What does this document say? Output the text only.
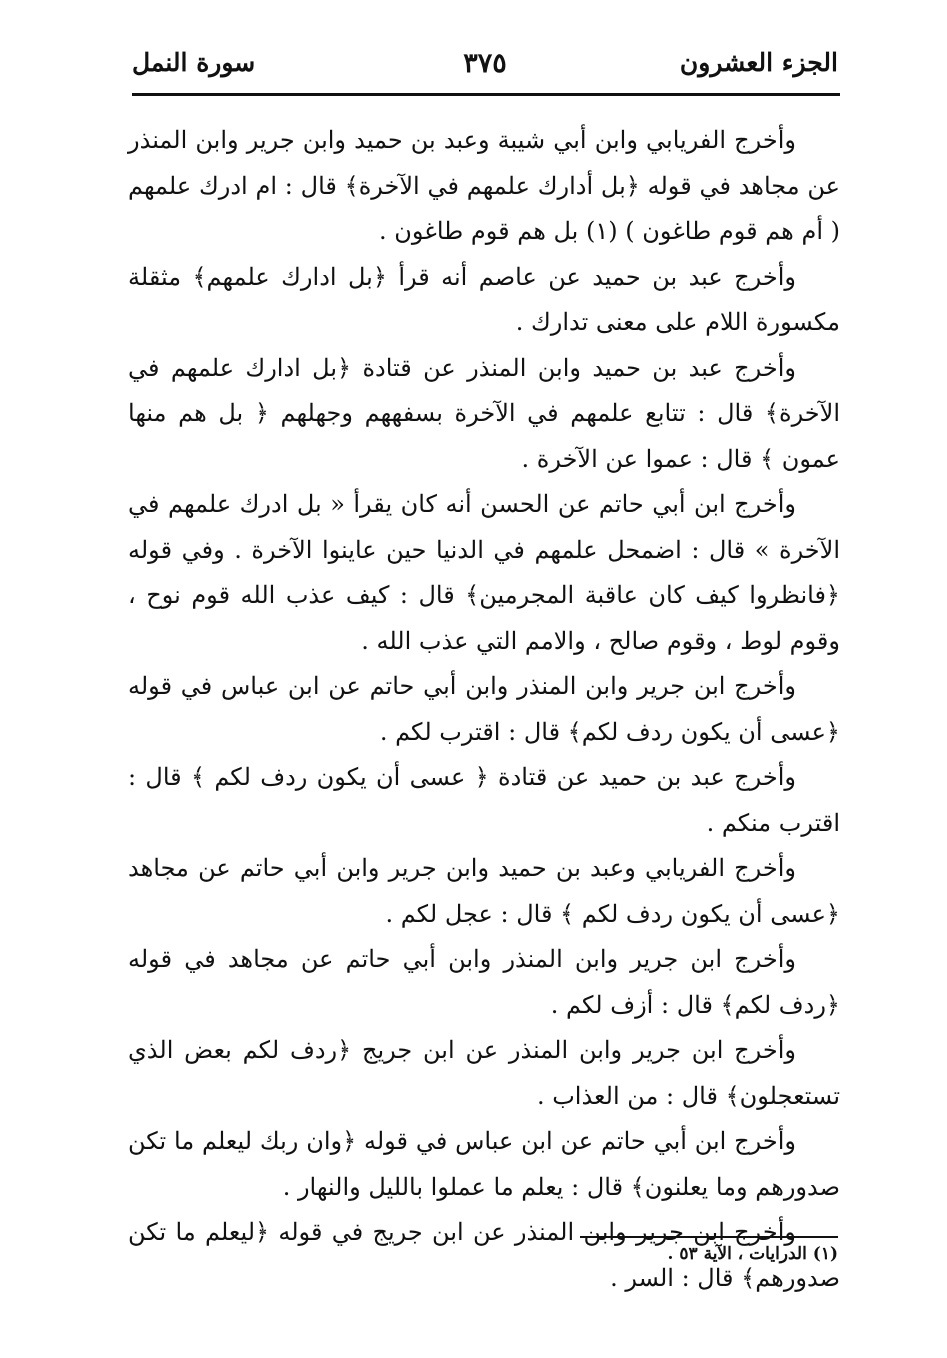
الجزء العشرون
٣٧٥
سورة النمل

وأخرج الفريابي وابن أبي شيبة وعبد بن حميد وابن جرير وابن المنذر عن مجاهد في قوله ﴿بل أدارك علمهم في الآخرة﴾ قال : ام ادرك علمهم ( أم هم قوم طاغون ) (١) بل هم قوم طاغون .

وأخرج عبد بن حميد عن عاصم أنه قرأ ﴿بل ادارك علمهم﴾ مثقلة مكسورة اللام على معنى تدارك .

وأخرج عبد بن حميد وابن المنذر عن قتادة ﴿بل ادارك علمهم في الآخرة﴾ قال : تتابع علمهم في الآخرة بسفههم وجهلهم ﴿ بل هم منها عمون ﴾ قال : عموا عن الآخرة .

وأخرج ابن أبي حاتم عن الحسن أنه كان يقرأ « بل ادرك علمهم في الآخرة » قال : اضمحل علمهم في الدنيا حين عاينوا الآخرة . وفي قوله ﴿فانظروا كيف كان عاقبة المجرمين﴾ قال : كيف عذب الله قوم نوح ، وقوم لوط ، وقوم صالح ، والامم التي عذب الله .

وأخرج ابن جرير وابن المنذر وابن أبي حاتم عن ابن عباس في قوله ﴿عسى أن يكون ردف لكم﴾ قال : اقترب لكم .

وأخرج عبد بن حميد عن قتادة ﴿ عسى أن يكون ردف لكم ﴾ قال : اقترب منكم .

وأخرج الفريابي وعبد بن حميد وابن جرير وابن أبي حاتم عن مجاهد ﴿عسى أن يكون ردف لكم ﴾ قال : عجل لكم .

وأخرج ابن جرير وابن المنذر وابن أبي حاتم عن مجاهد في قوله ﴿ردف لكم﴾ قال : أزف لكم .

وأخرج ابن جرير وابن المنذر عن ابن جريج ﴿ردف لكم بعض الذي تستعجلون﴾ قال : من العذاب .

وأخرج ابن أبي حاتم عن ابن عباس في قوله ﴿وان ربك ليعلم ما تكن صدورهم وما يعلنون﴾ قال : يعلم ما عملوا بالليل والنهار .

وأخرج ابن جرير وابن المنذر عن ابن جريج في قوله ﴿ليعلم ما تكن صدورهم﴾ قال : السر .

(١) الدرايات ، الآية ٥٣ .
